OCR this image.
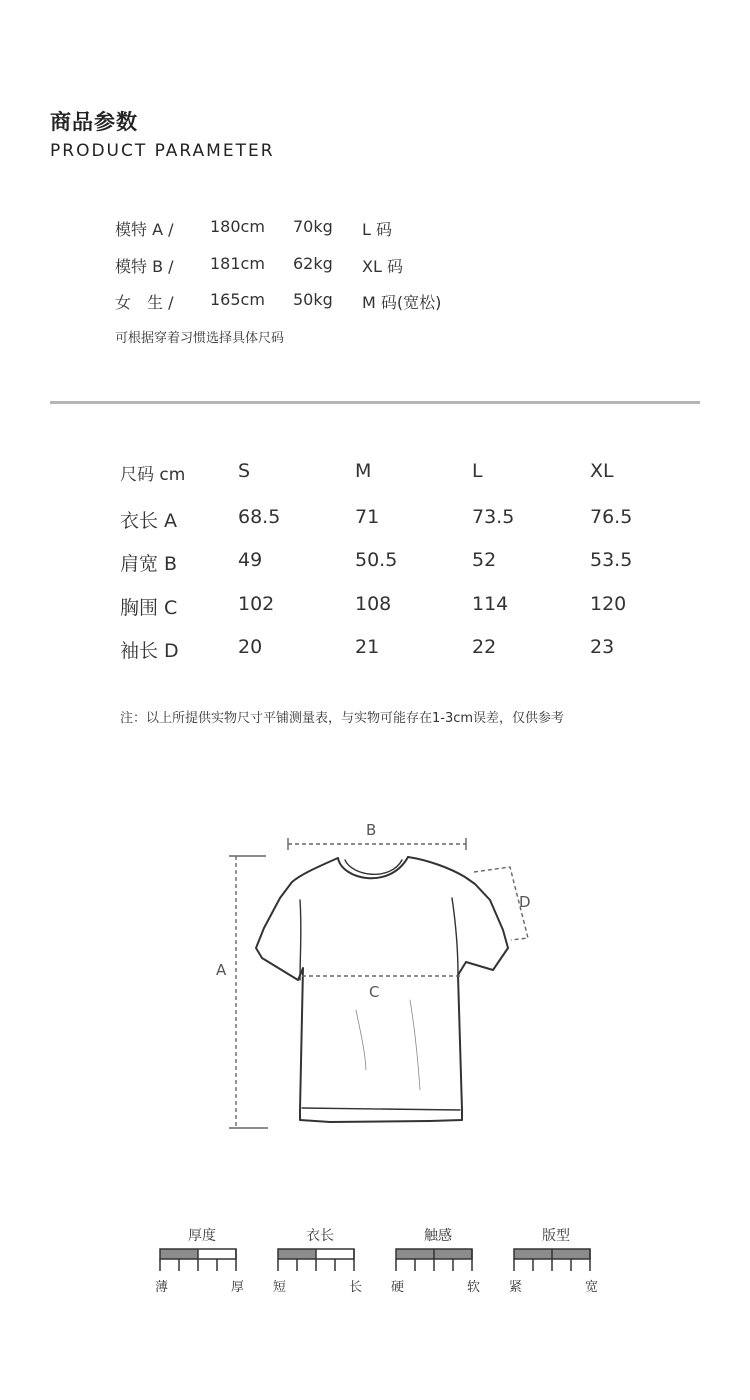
商品参数
PRODUCT PARAMETER
模特 A / 180cm 70kg L 码
模特 B / 181cm 62kg XL 码
女　生 / 165cm 50kg M 码(宽松)
可根据穿着习惯选择具体尺码
尺码 cm	S	M	L	XL
衣长 A	68.5	71	73.5	76.5
肩宽 B	49	50.5	52	53.5
胸围 C	102	108	114	120
袖长 D	20	21	22	23
注：以上所提供实物尺寸平铺测量表，与实物可能存在1-3cm误差，仅供参考
A
B
C
D
厚度
薄	厚
衣长
短	长
触感
硬	软
版型
紧	宽
